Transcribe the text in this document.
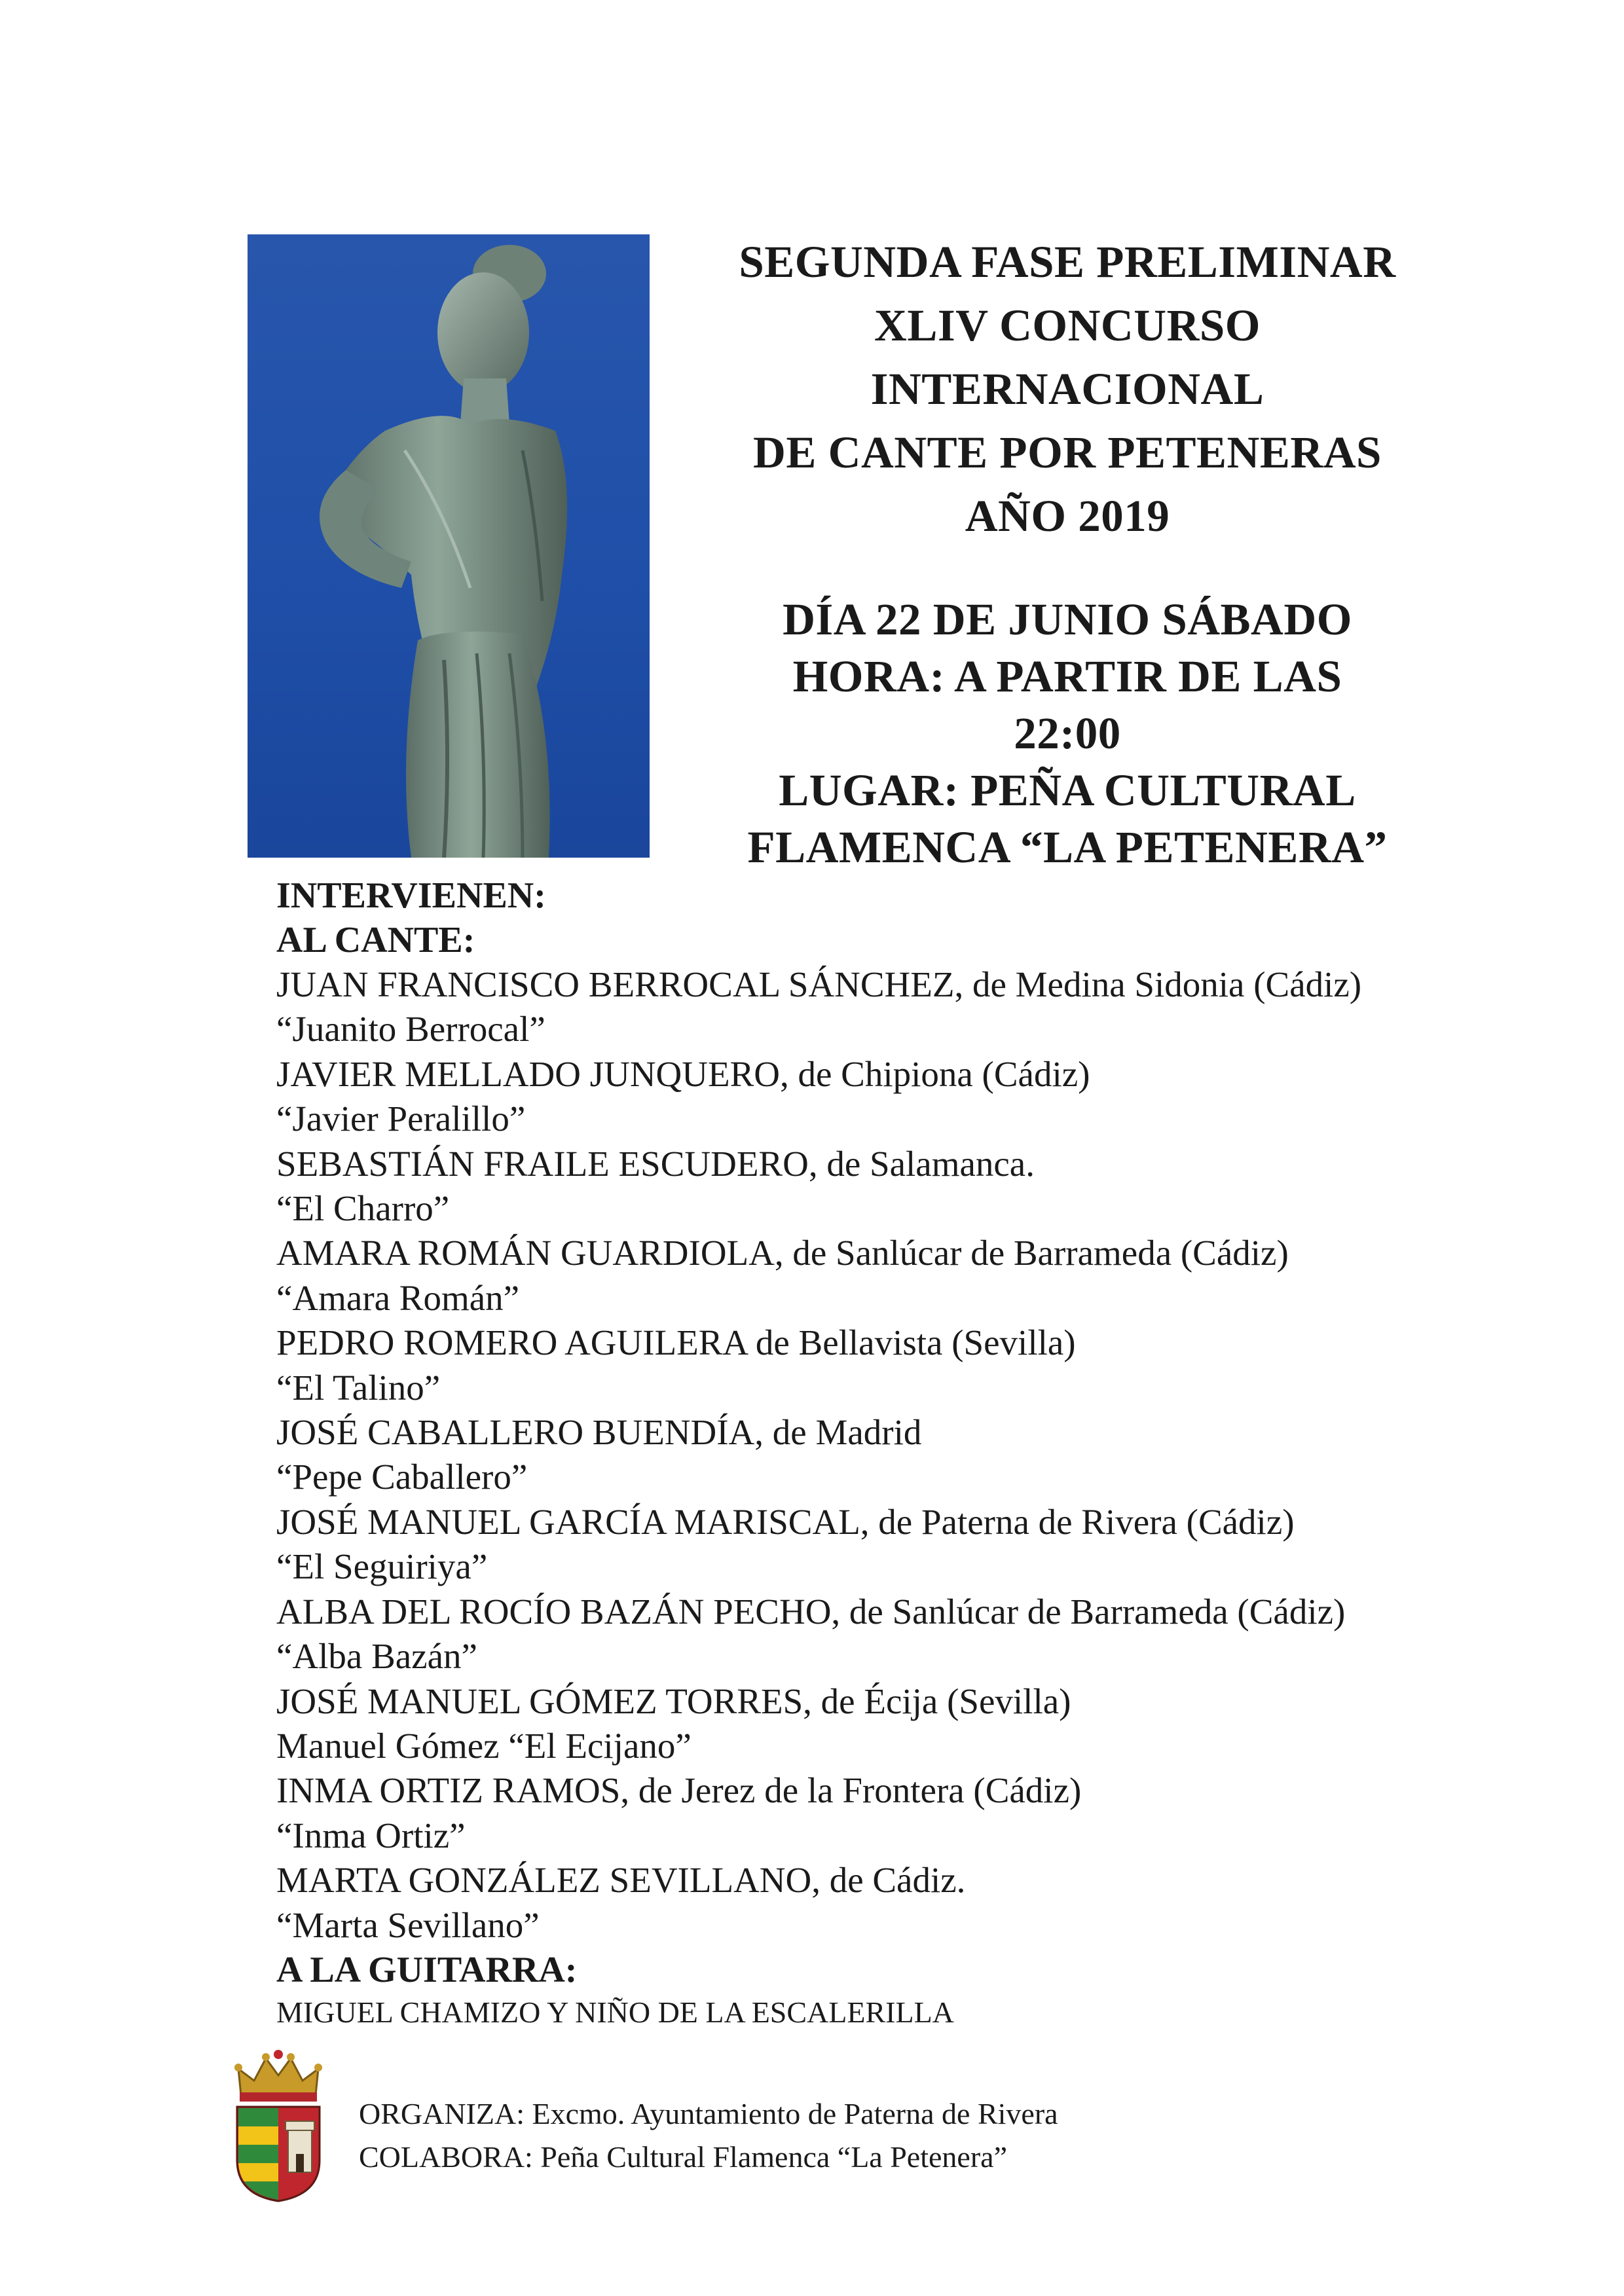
SEGUNDA FASE PRELIMINAR
XLIV CONCURSO
INTERNACIONAL
DE CANTE POR PETENERAS
AÑO 2019
DÍA 22 DE JUNIO SÁBADO
HORA: A PARTIR DE LAS
22:00
LUGAR: PEÑA CULTURAL
FLAMENCA “LA PETENERA”
INTERVIENEN:
AL CANTE:
JUAN FRANCISCO BERROCAL SÁNCHEZ, de Medina Sidonia (Cádiz)
“Juanito Berrocal”
JAVIER MELLADO JUNQUERO, de Chipiona (Cádiz)
“Javier Peralillo”
SEBASTIÁN FRAILE ESCUDERO, de Salamanca.
“El Charro”
AMARA ROMÁN GUARDIOLA, de Sanlúcar de Barrameda (Cádiz)
“Amara Román”
PEDRO ROMERO AGUILERA de Bellavista (Sevilla)
“El Talino”
JOSÉ CABALLERO BUENDÍA, de Madrid
“Pepe Caballero”
JOSÉ MANUEL GARCÍA MARISCAL, de Paterna de Rivera (Cádiz)
“El Seguiriya”
ALBA DEL ROCÍO BAZÁN PECHO, de Sanlúcar de Barrameda (Cádiz)
“Alba Bazán”
JOSÉ MANUEL GÓMEZ TORRES, de Écija (Sevilla)
Manuel Gómez “El Ecijano”
INMA ORTIZ RAMOS, de Jerez de la Frontera (Cádiz)
“Inma Ortiz”
MARTA GONZÁLEZ SEVILLANO, de Cádiz.
“Marta Sevillano”
A LA GUITARRA:
MIGUEL CHAMIZO Y NIÑO DE LA ESCALERILLA
ORGANIZA: Excmo. Ayuntamiento de Paterna de Rivera
COLABORA: Peña Cultural Flamenca “La Petenera”
